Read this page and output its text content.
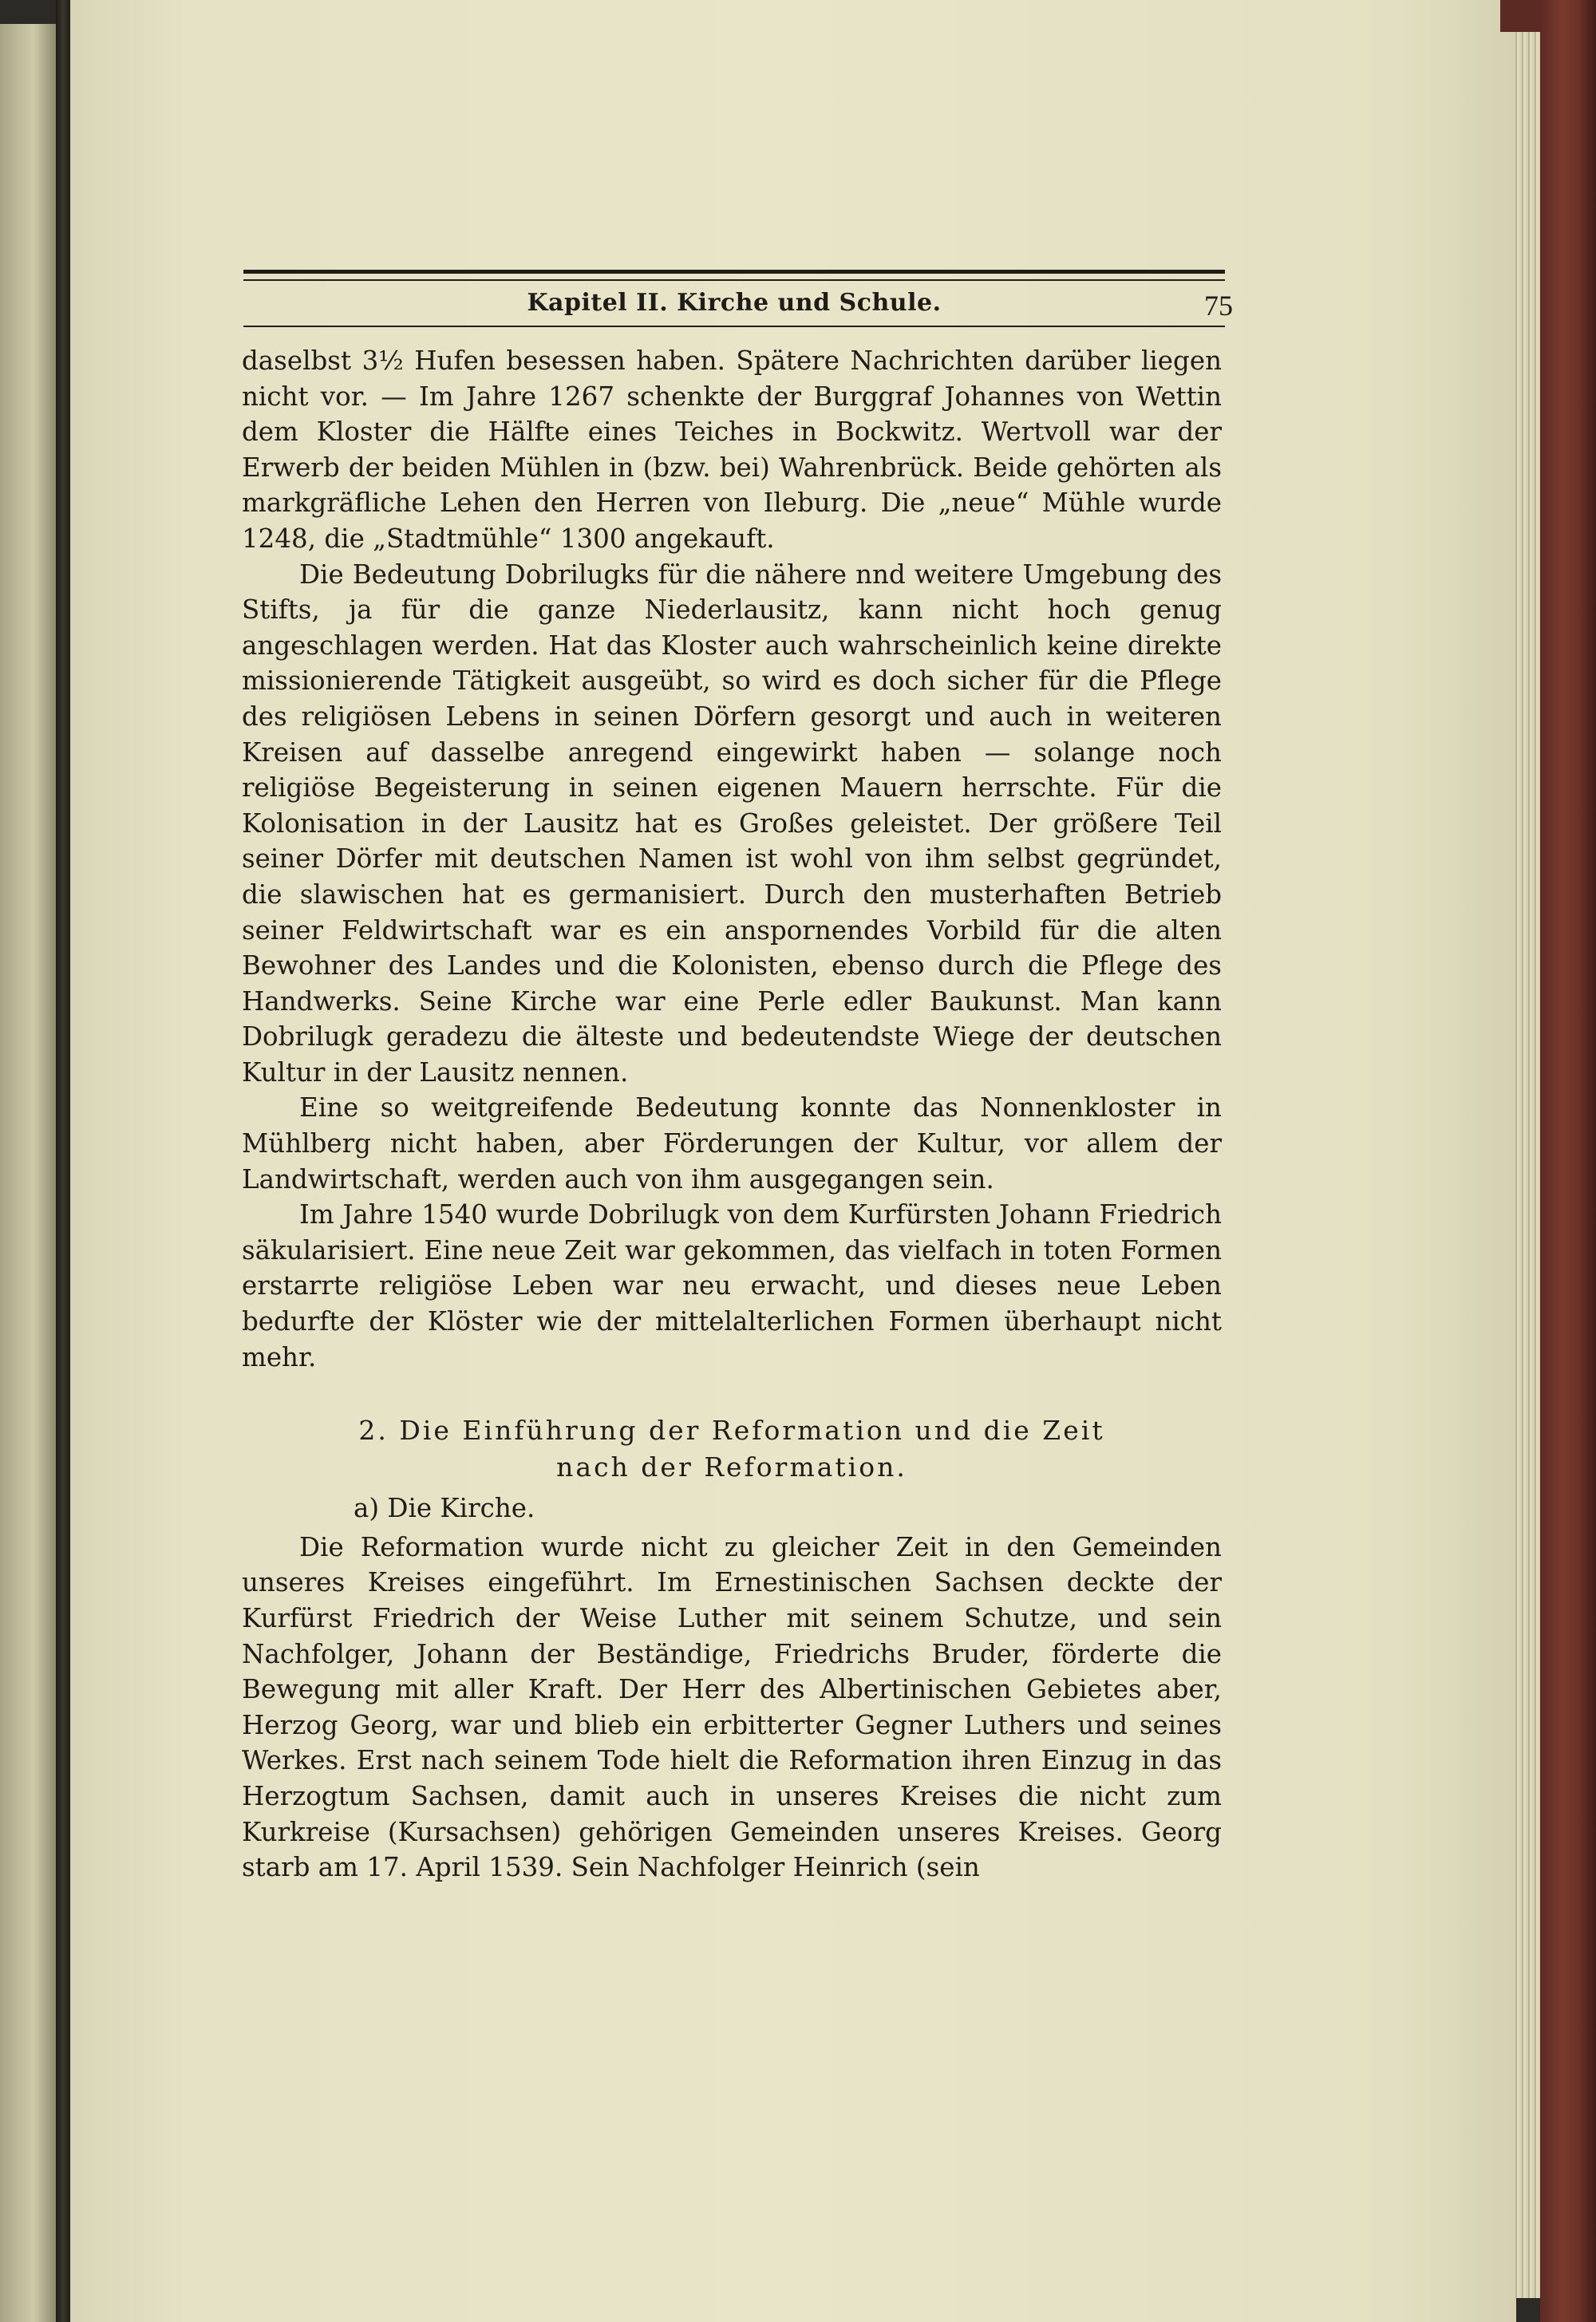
Kapitel II. Kirche und Schule.	75

daselbst 3½ Hufen besessen haben. Spätere Nachrichten darüber liegen nicht vor. — Im Jahre 1267 schenkte der Burggraf Johannes von Wettin dem Kloster die Hälfte eines Teiches in Bockwitz. Wertvoll war der Erwerb der beiden Mühlen in (bzw. bei) Wahrenbrück. Beide gehörten als markgräfliche Lehen den Herren von Ileburg. Die „neue“ Mühle wurde 1248, die „Stadtmühle“ 1300 angekauft.

Die Bedeutung Dobrilugks für die nähere nnd weitere Umgebung des Stifts, ja für die ganze Niederlausitz, kann nicht hoch genug angeschlagen werden. Hat das Kloster auch wahrscheinlich keine direkte missionierende Tätigkeit ausgeübt, so wird es doch sicher für die Pflege des religiösen Lebens in seinen Dörfern gesorgt und auch in weiteren Kreisen auf dasselbe anregend eingewirkt haben — solange noch religiöse Begeisterung in seinen eigenen Mauern herrschte. Für die Kolonisation in der Lausitz hat es Großes geleistet. Der größere Teil seiner Dörfer mit deutschen Namen ist wohl von ihm selbst gegründet, die slawischen hat es germanisiert. Durch den musterhaften Betrieb seiner Feldwirtschaft war es ein anspornendes Vorbild für die alten Bewohner des Landes und die Kolonisten, ebenso durch die Pflege des Handwerks. Seine Kirche war eine Perle edler Baukunst. Man kann Dobrilugk geradezu die älteste und bedeutendste Wiege der deutschen Kultur in der Lausitz nennen.

Eine so weitgreifende Bedeutung konnte das Nonnenkloster in Mühlberg nicht haben, aber Förderungen der Kultur, vor allem der Landwirtschaft, werden auch von ihm ausgegangen sein.

Im Jahre 1540 wurde Dobrilugk von dem Kurfürsten Johann Friedrich säkularisiert. Eine neue Zeit war gekommen, das vielfach in toten Formen erstarrte religiöse Leben war neu erwacht, und dieses neue Leben bedurfte der Klöster wie der mittelalterlichen Formen überhaupt nicht mehr.

2. Die Einführung der Reformation und die Zeit
nach der Reformation.
a) Die Kirche.

Die Reformation wurde nicht zu gleicher Zeit in den Gemeinden unseres Kreises eingeführt. Im Ernestinischen Sachsen deckte der Kurfürst Friedrich der Weise Luther mit seinem Schutze, und sein Nachfolger, Johann der Beständige, Friedrichs Bruder, förderte die Bewegung mit aller Kraft. Der Herr des Albertinischen Gebietes aber, Herzog Georg, war und blieb ein erbitterter Gegner Luthers und seines Werkes. Erst nach seinem Tode hielt die Reformation ihren Einzug in das Herzogtum Sachsen, damit auch in unseres Kreises die nicht zum Kurkreise (Kursachsen) gehörigen Gemeinden unseres Kreises. Georg starb am 17. April 1539. Sein Nachfolger Heinrich (sein
